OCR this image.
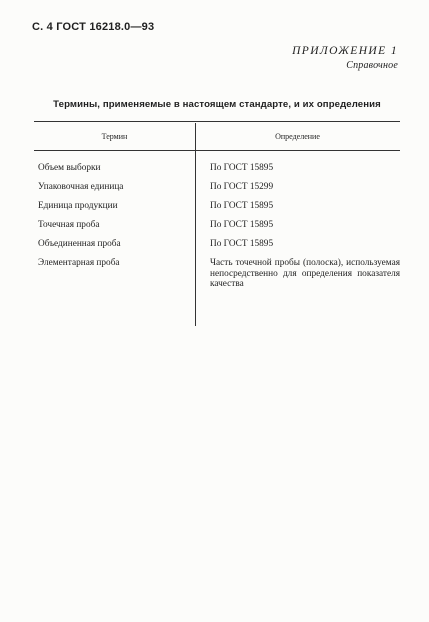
С. 4 ГОСТ 16218.0—93
ПРИЛОЖЕНИЕ 1
Справочное
Термины, применяемые в настоящем стандарте, и их определения
Термин	Определение
Объем выборки	По ГОСТ 15895
Упаковочная единица	По ГОСТ 15299
Единица продукции	По ГОСТ 15895
Точечная проба	По ГОСТ 15895
Объединенная проба	По ГОСТ 15895
Элементарная проба	Часть точечной пробы (полоска), используемая непосредственно для определения показателя качества
